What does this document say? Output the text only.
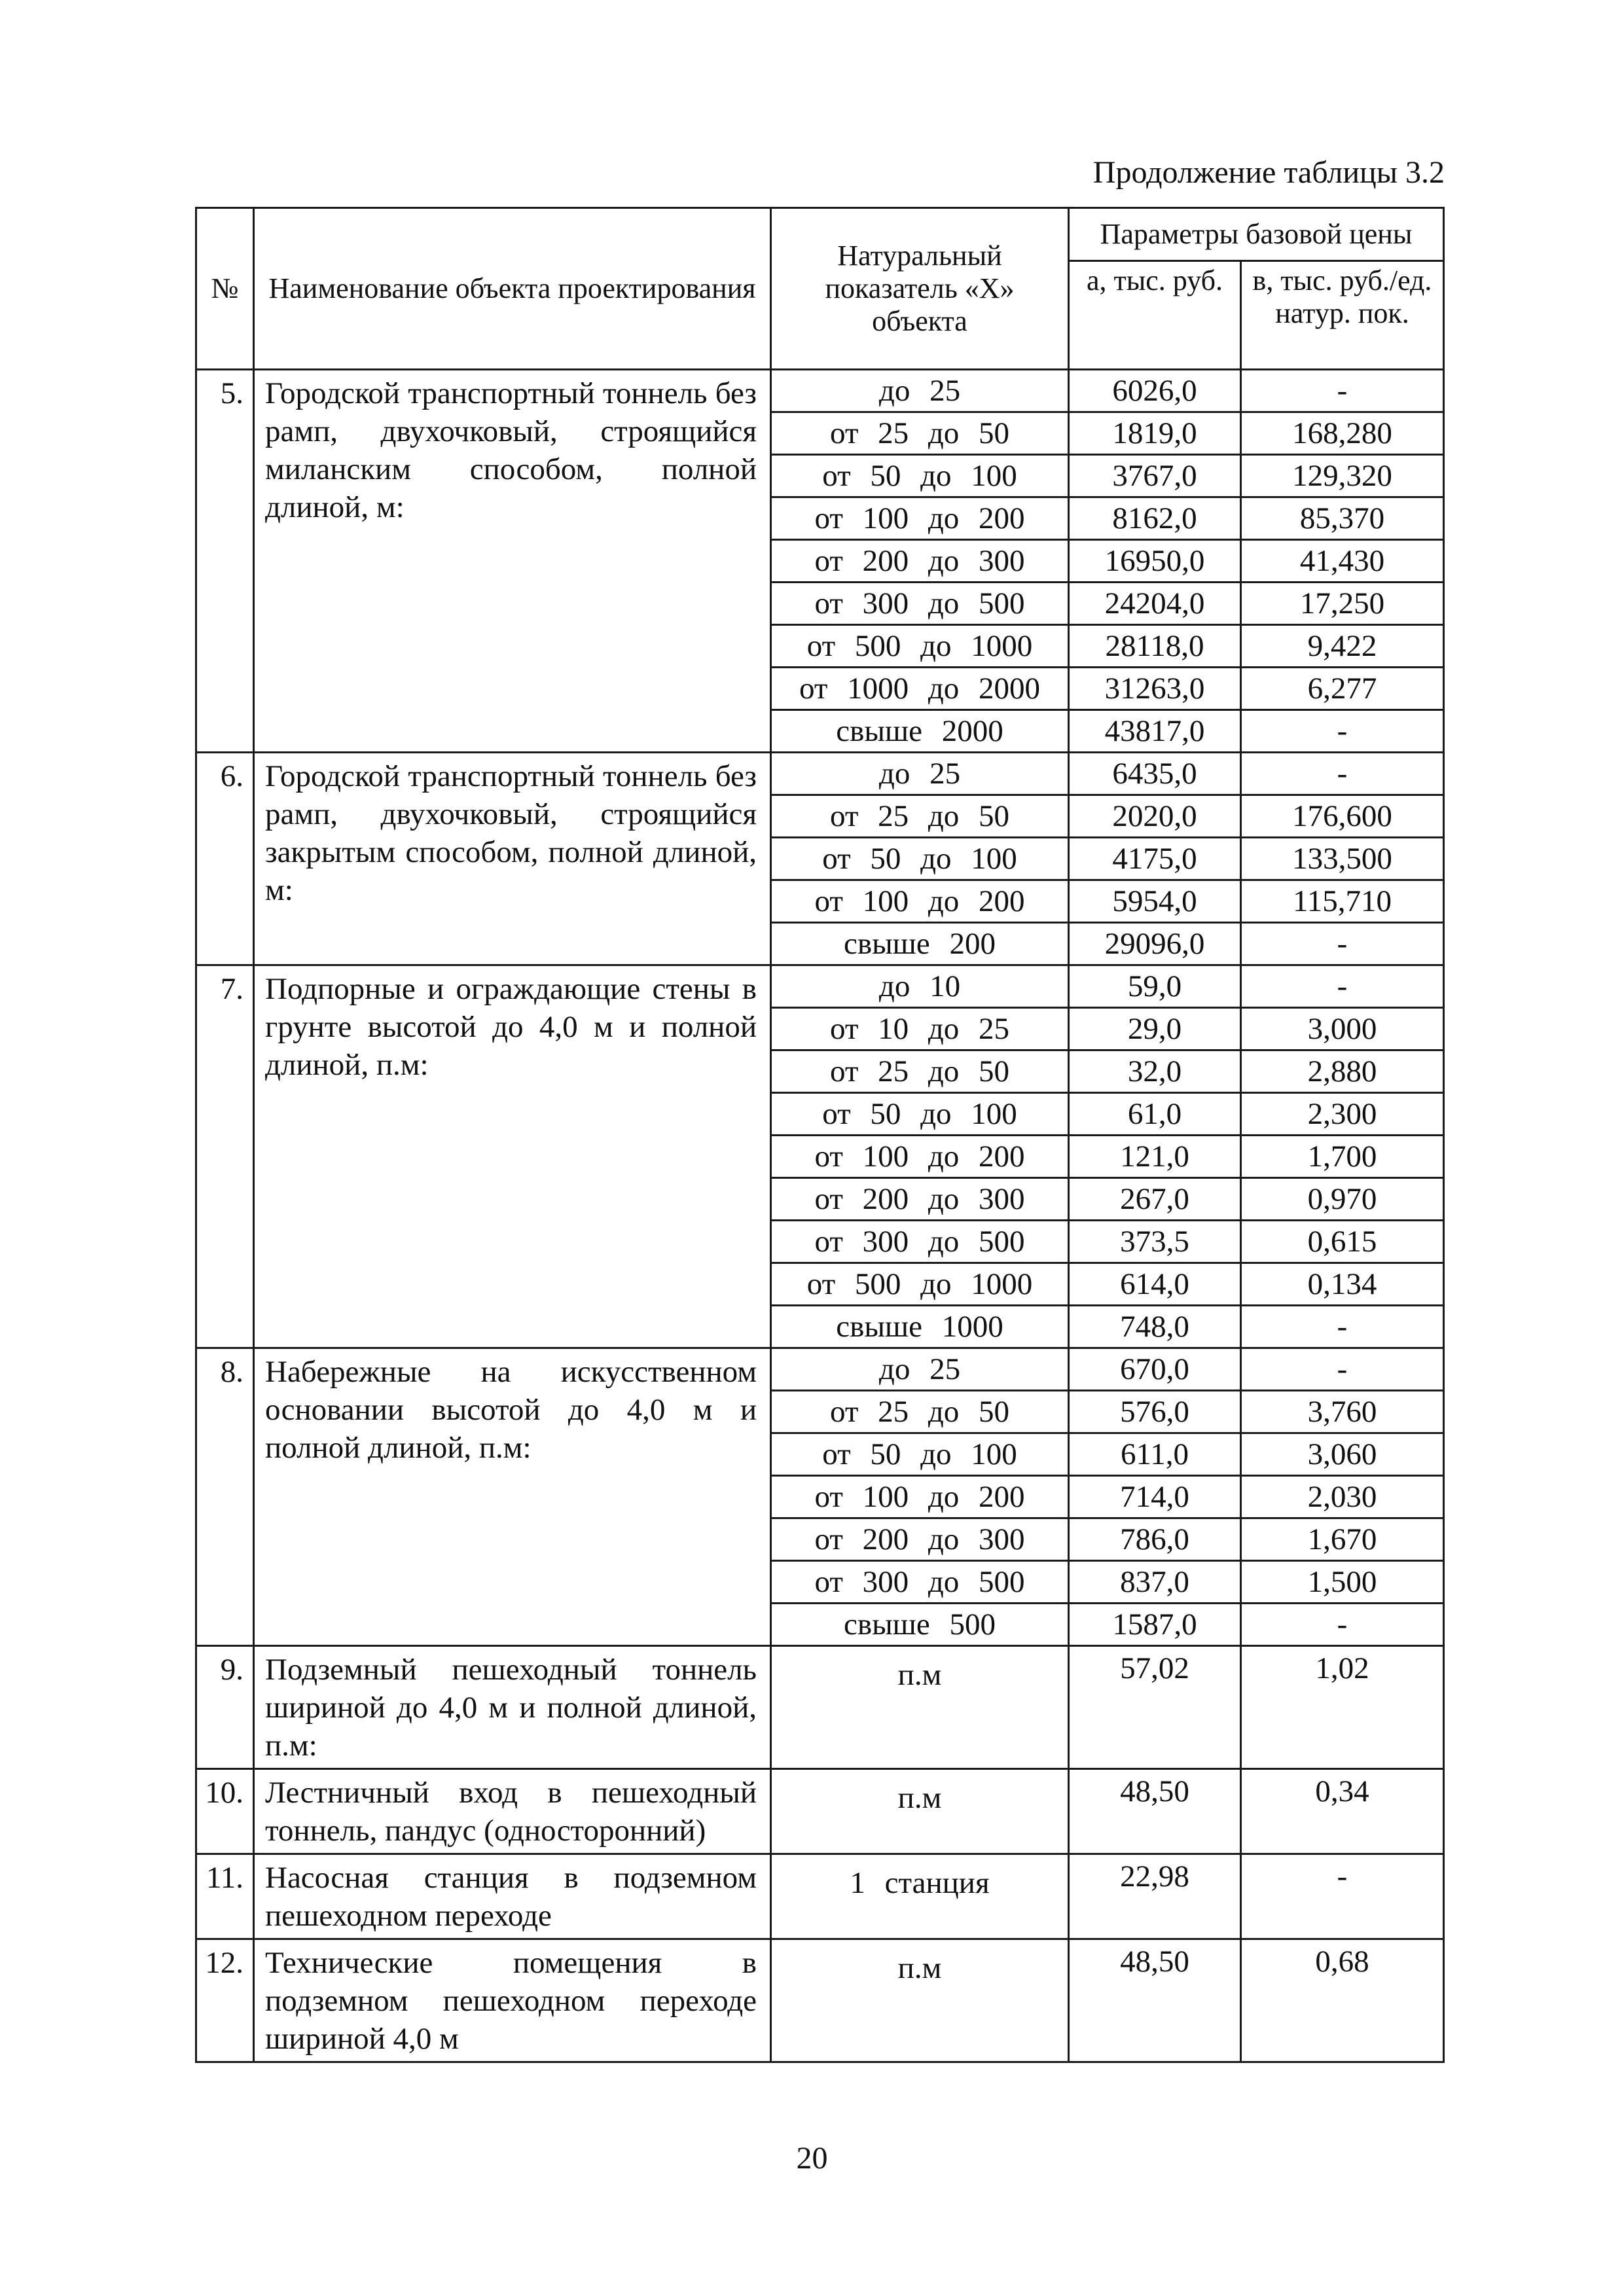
Продолжение таблицы 3.2
№	Наименование объекта проектирования	Натуральный показатель «Х» объекта	Параметры базовой цены	
			а, тыс. руб.	в, тыс. руб./ед. натур. пок.
5.	Городской транспортный тоннель без рамп, двухочковый, строящийся миланским способом, полной длиной, м:	до 25	6026,0	-
		от 25 до 50	1819,0	168,280
		от 50 до 100	3767,0	129,320
		от 100 до 200	8162,0	85,370
		от 200 до 300	16950,0	41,430
		от 300 до 500	24204,0	17,250
		от 500 до 1000	28118,0	9,422
		от 1000 до 2000	31263,0	6,277
		свыше 2000	43817,0	-
6.	Городской транспортный тоннель без рамп, двухочковый, строящийся закрытым способом, полной длиной, м:	до 25	6435,0	-
		от 25 до 50	2020,0	176,600
		от 50 до 100	4175,0	133,500
		от 100 до 200	5954,0	115,710
		свыше 200	29096,0	-
7.	Подпорные и ограждающие стены в грунте высотой до 4,0 м и полной длиной, п.м:	до 10	59,0	-
		от 10 до 25	29,0	3,000
		от 25 до 50	32,0	2,880
		от 50 до 100	61,0	2,300
		от 100 до 200	121,0	1,700
		от 200 до 300	267,0	0,970
		от 300 до 500	373,5	0,615
		от 500 до 1000	614,0	0,134
		свыше 1000	748,0	-
8.	Набережные на искусственном основании высотой до 4,0 м и полной длиной, п.м:	до 25	670,0	-
		от 25 до 50	576,0	3,760
		от 50 до 100	611,0	3,060
		от 100 до 200	714,0	2,030
		от 200 до 300	786,0	1,670
		от 300 до 500	837,0	1,500
		свыше 500	1587,0	-
9.	Подземный пешеходный тоннель шириной до 4,0 м и полной длиной, п.м:	п.м	57,02	1,02
10.	Лестничный вход в пешеходный тоннель, пандус (односторонний)	п.м	48,50	0,34
11.	Насосная станция в подземном пешеходном переходе	1 станция	22,98	-
12.	Технические помещения в подземном пешеходном переходе шириной 4,0 м	п.м	48,50	0,68
20
